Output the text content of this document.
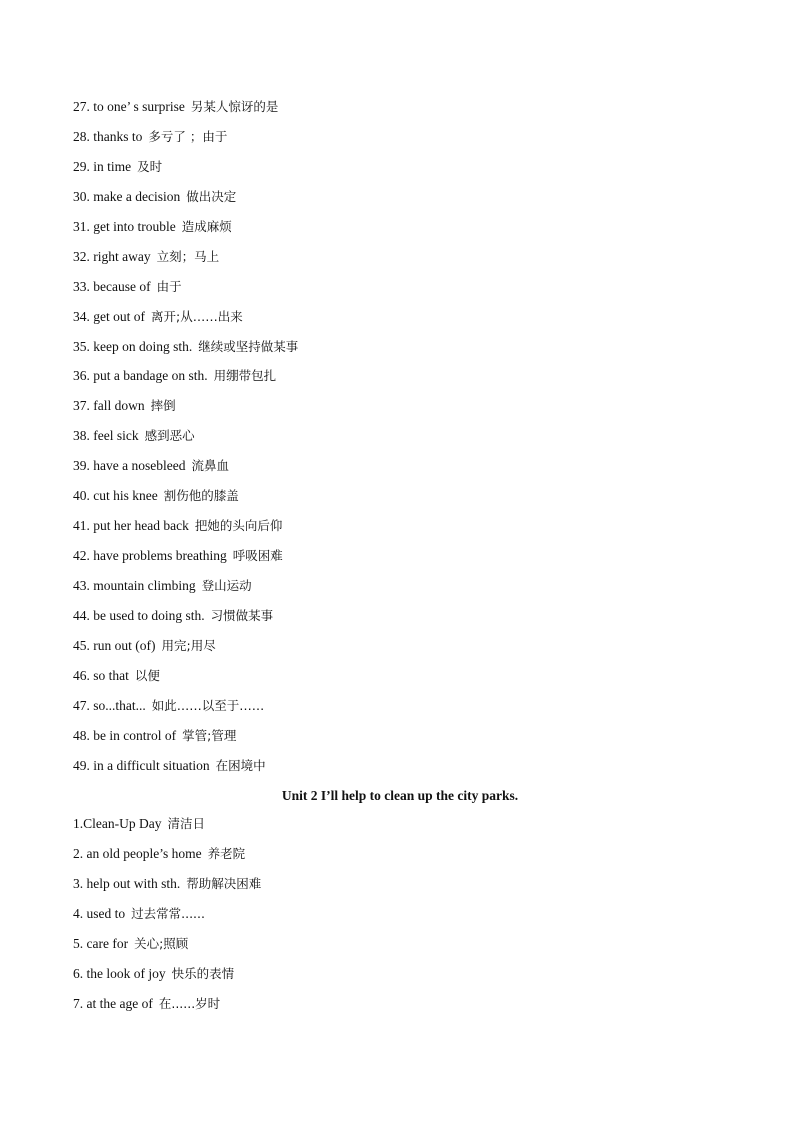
27. to one’ s surprise 另某人惊讶的是
28. thanks to 多亏了 ；由于
29. in time 及时
30. make a decision 做出决定
31. get into trouble 造成麻烦
32. right away 立刻；马上
33. because of 由于
34. get out of 离开;从……出来
35. keep on doing sth. 继续或坚持做某事
36. put a bandage on sth. 用绷带包扎
37. fall down 摔倒
38. feel sick 感到恶心
39. have a nosebleed 流鼻血
40. cut his knee 割伤他的膝盖
41. put her head back 把她的头向后仰
42. have problems breathing 呼吸困难
43. mountain climbing 登山运动
44. be used to doing sth. 习惯做某事
45. run out (of) 用完;用尽
46. so that 以便
47. so...that... 如此……以至于……
48. be in control of 掌管;管理
49. in a difficult situation 在困境中
Unit 2 I’ll help to clean up the city parks.
1.Clean-Up Day 清洁日
2. an old people’s home 养老院
3. help out with sth. 帮助解决困难
4. used to 过去常常......
5. care for 关心;照顾
6. the look of joy 快乐的表情
7. at the age of 在......岁时
